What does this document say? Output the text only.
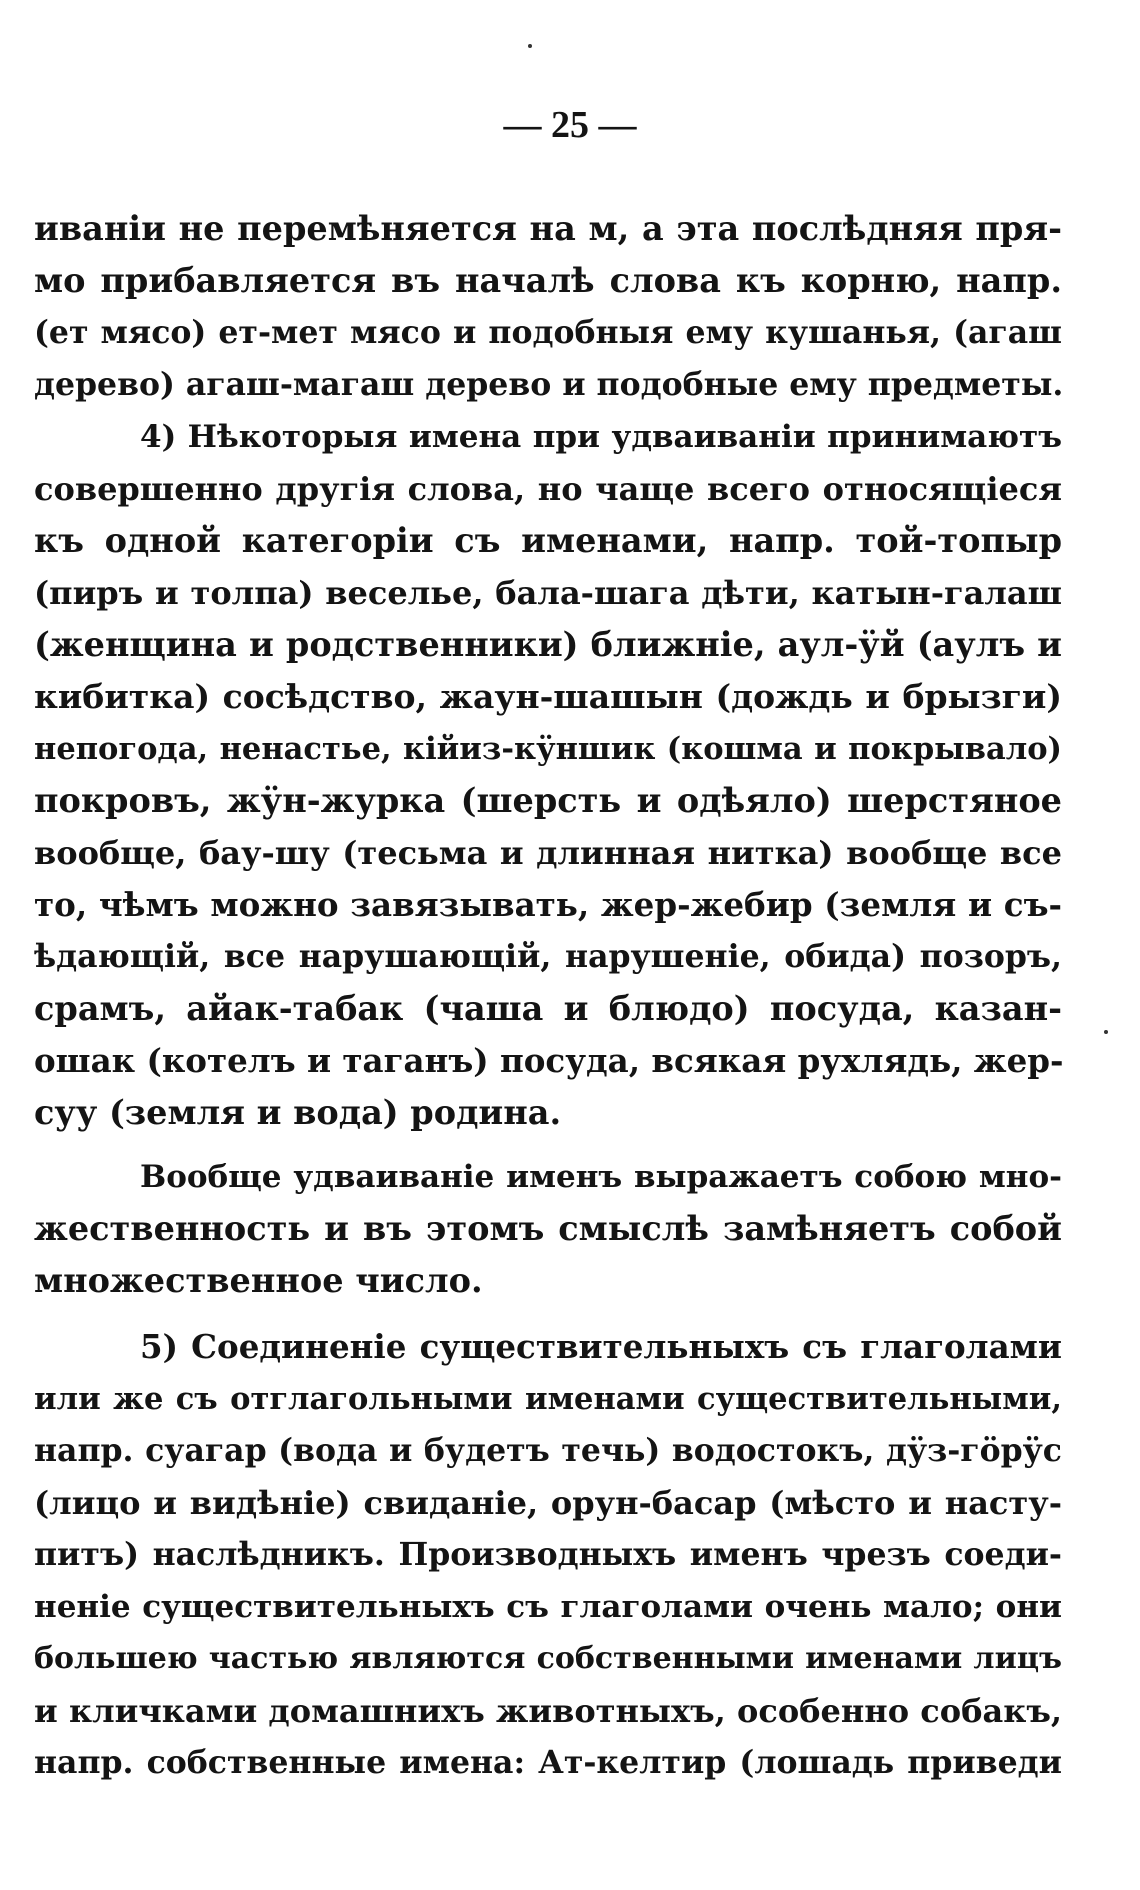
— 25 —
иваніи не перемѣняется на м, а эта послѣдняя пря-
мо прибавляется въ началѣ слова къ корню, напр.
(ет мясо) ет-мет мясо и подобныя ему кушанья, (агаш
дерево) агаш-магаш дерево и подобные ему предметы.
4) Нѣкоторыя имена при удваиваніи принимаютъ
совершенно другія слова, но чаще всего относящіеся
къ одной категоріи съ именами, напр. той-топыр
(пиръ и толпа) веселье, бала-шага дѣти, катын-галаш
(женщина и родственники) ближніе, аул-ӱй (аулъ и
кибитка) сосѣдство, жаун-шашын (дождь и брызги)
непогода, ненастье, кійиз-кӱншик (кошма и покрывало)
покровъ, жӱн-журка (шерсть и одѣяло) шерстяное
вообще, бау-шу (тесьма и длинная нитка) вообще все
то, чѣмъ можно завязывать, жер-жебир (земля и съ-
ѣдающій, все нарушающій, нарушеніе, обида) позоръ,
срамъ, айак-табак (чаша и блюдо) посуда, казан-
ошак (котелъ и таганъ) посуда, всякая рухлядь, жер-
суу (земля и вода) родина.
Вообще удваиваніе именъ выражаетъ собою мно-
жественность и въ этомъ смыслѣ замѣняетъ собой
множественное число.
5) Соединеніе существительныхъ съ глаголами
или же съ отглагольными именами существительными,
напр. суагар (вода и будетъ течь) водостокъ, дӱз-гӧрӱс
(лицо и видѣніе) свиданіе, орун-басар (мѣсто и насту-
питъ) наслѣдникъ. Производныхъ именъ чрезъ соеди-
неніе существительныхъ съ глаголами очень мало; они
большею частью являются собственными именами лицъ
и кличками домашнихъ животныхъ, особенно собакъ,
напр. собственные имена: Ат-келтир (лошадь приведи
